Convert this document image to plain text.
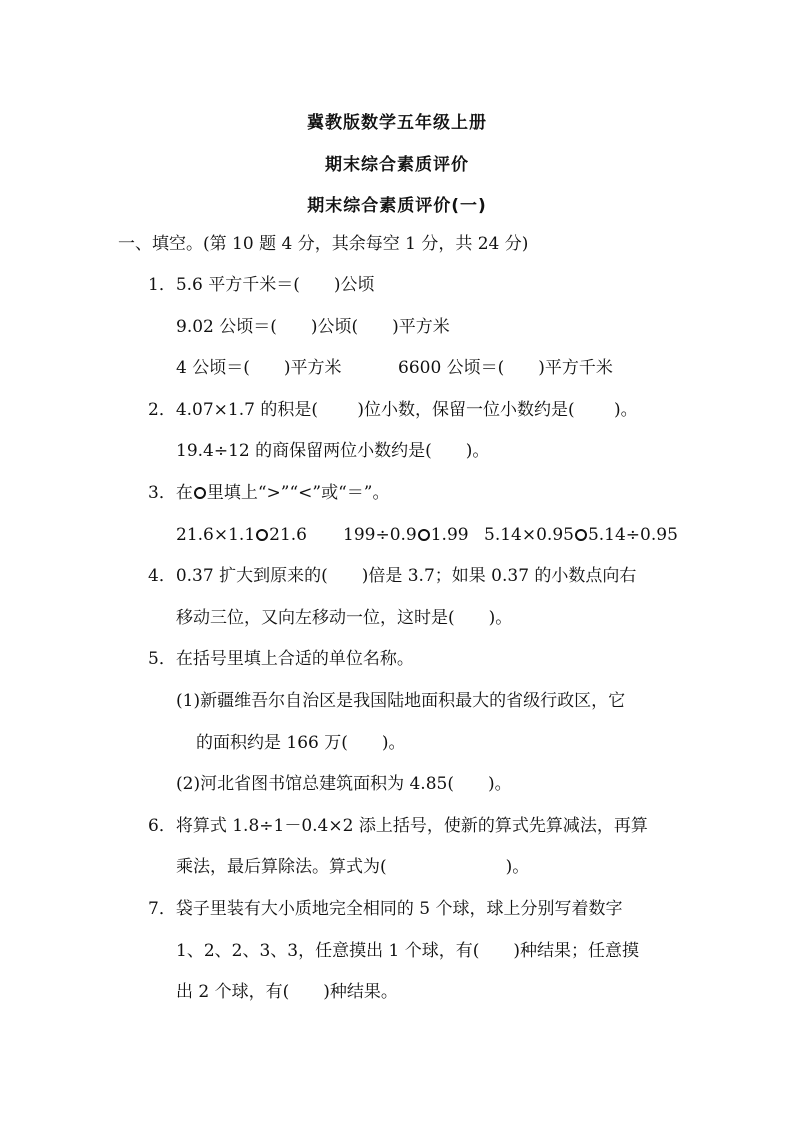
冀教版数学五年级上册
期末综合素质评价
期末综合素质评价(一)
一、填空。(第 10 题 4 分，其余每空 1 分，共 24 分)
1．5.6 平方千米＝(　　)公顷
9.02 公顷＝(　　)公顷(　　)平方米
4 公顷＝(　　)平方米	6600 公顷＝(　　)平方千米
2．4.07×1.7 的积是(　　 )位小数，保留一位小数约是(　　 )。
19.4÷12 的商保留两位小数约是(　　)。
3．在 里填上“>”“<”或“＝”。
21.6×1.1 21.6 199÷0.9 1.99 5.14×0.95 5.14÷0.95
4．0.37 扩大到原来的(　　)倍是 3.7；如果 0.37 的小数点向右
移动三位，又向左移动一位，这时是(　　)。
5．在括号里填上合适的单位名称。
(1)新疆维吾尔自治区是我国陆地面积最大的省级行政区，它
的面积约是 166 万(　　)。
(2)河北省图书馆总建筑面积为 4.85(　　)。
6．将算式 1.8÷1－0.4×2 添上括号，使新的算式先算减法，再算
乘法，最后算除法。算式为(　　　　　　　)。
7．袋子里装有大小质地完全相同的 5 个球，球上分别写着数字
1、2、2、3、3，任意摸出 1 个球，有(　　)种结果；任意摸
出 2 个球，有(　　)种结果。
